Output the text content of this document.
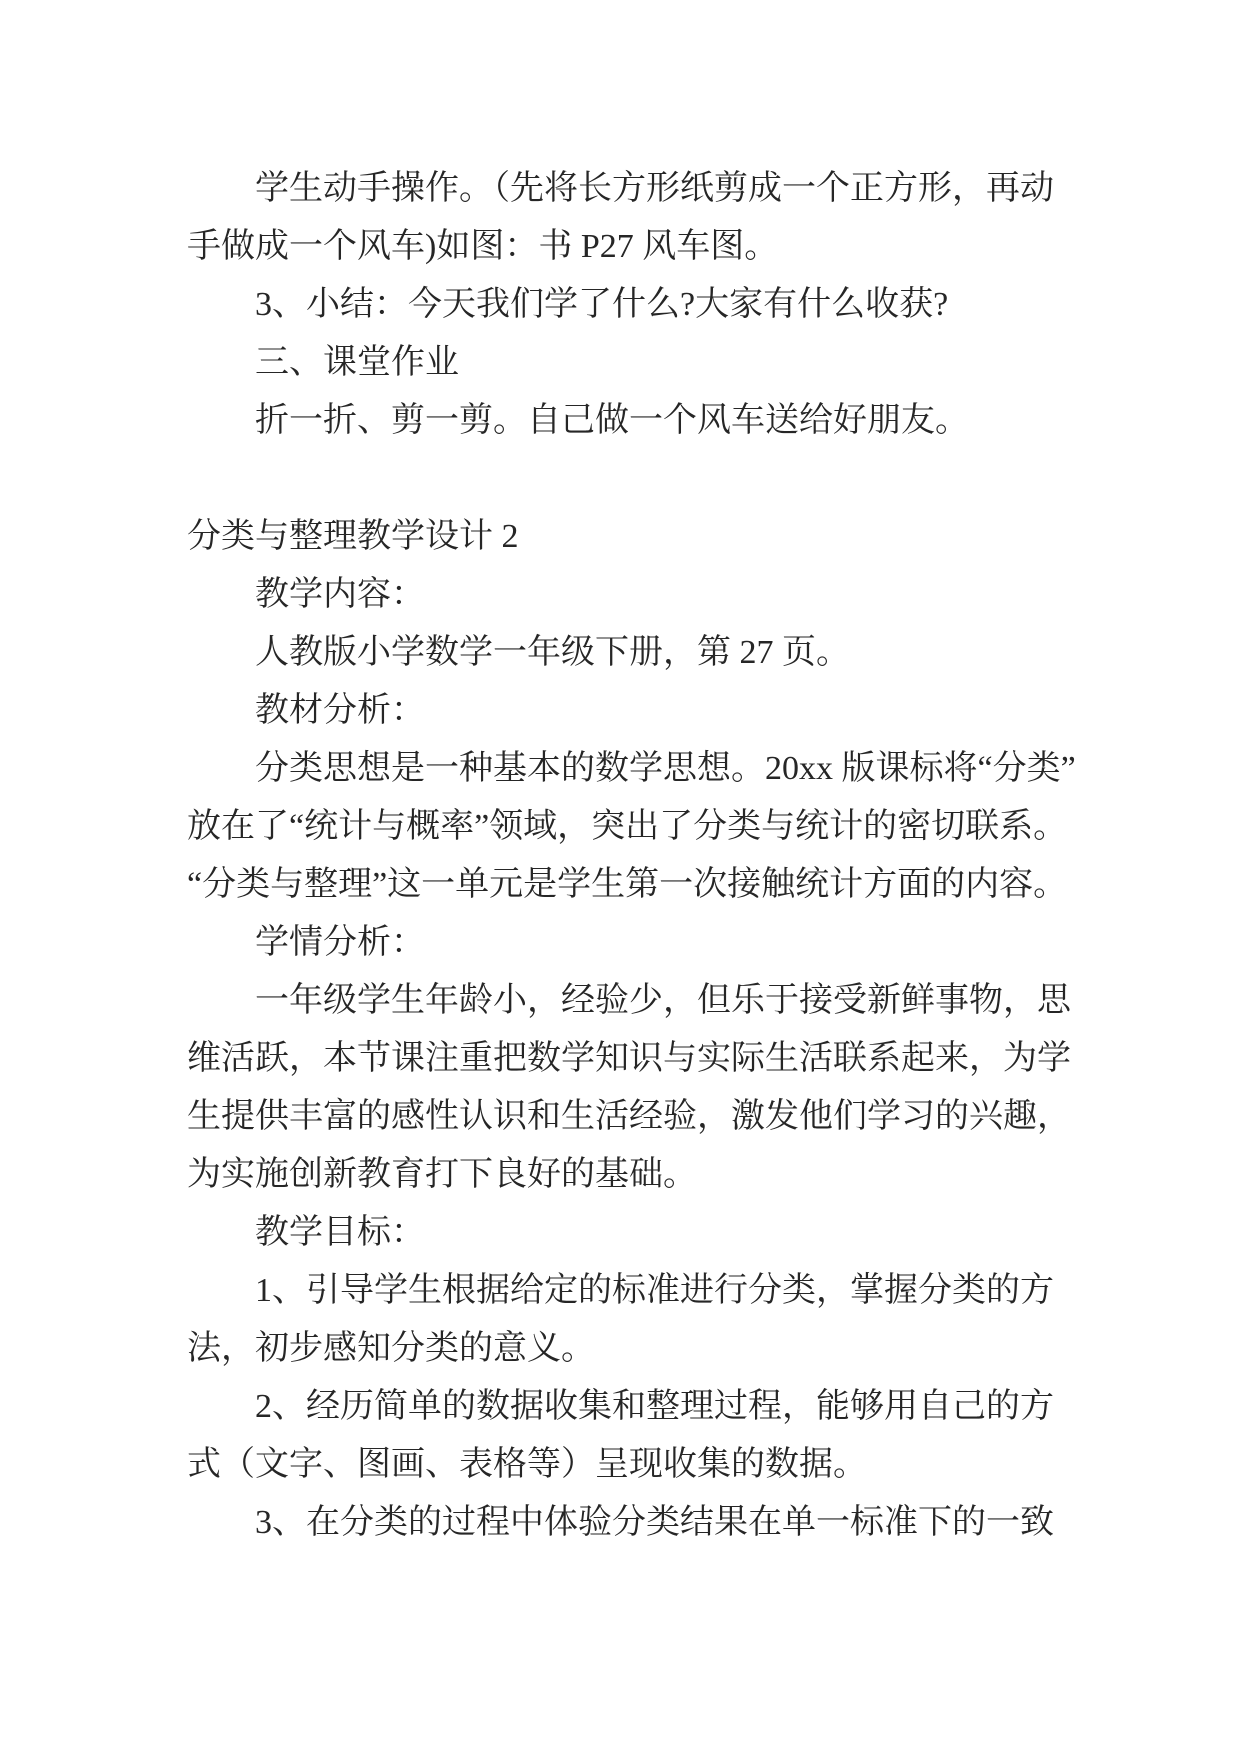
学生动手操作。（先将长方形纸剪成一个正方形，再动
手做成一个风车)如图：书 P27 风车图。
3、小结：今天我们学了什么?大家有什么收获?
三、课堂作业
折一折、剪一剪。自己做一个风车送给好朋友。
分类与整理教学设计 2
教学内容：
人教版小学数学一年级下册，第 27 页。
教材分析：
分类思想是一种基本的数学思想。20xx 版课标将“分类”
放在了“统计与概率”领域，突出了分类与统计的密切联系。
“分类与整理”这一单元是学生第一次接触统计方面的内容。
学情分析：
一年级学生年龄小，经验少，但乐于接受新鲜事物，思
维活跃，本节课注重把数学知识与实际生活联系起来，为学
生提供丰富的感性认识和生活经验，激发他们学习的兴趣，
为实施创新教育打下良好的基础。
教学目标：
1、引导学生根据给定的标准进行分类，掌握分类的方
法，初步感知分类的意义。
2、经历简单的数据收集和整理过程，能够用自己的方
式（文字、图画、表格等）呈现收集的数据。
3、在分类的过程中体验分类结果在单一标准下的一致
